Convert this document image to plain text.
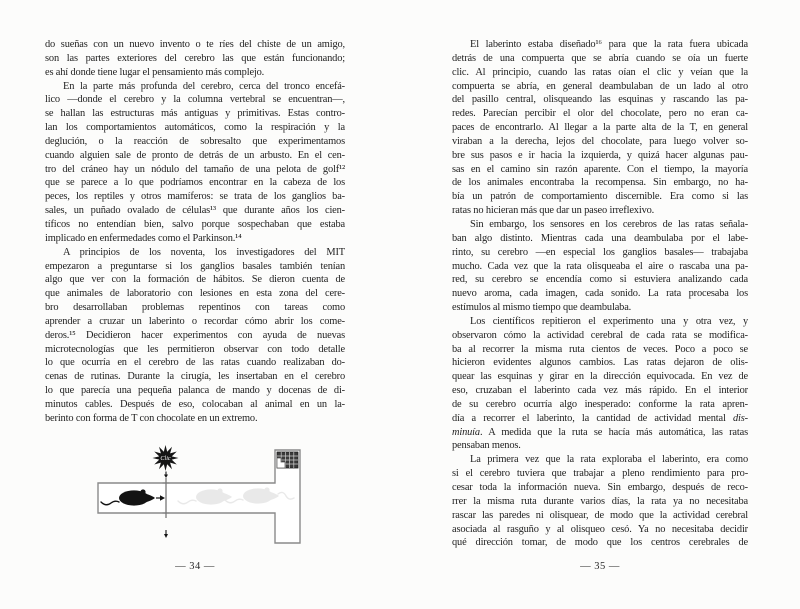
do sueñas con un nuevo invento o te ríes del chiste de un amigo,
son las partes exteriores del cerebro las que están funcionando;
es ahí donde tiene lugar el pensamiento más complejo.
En la parte más profunda del cerebro, cerca del tronco encefá-
lico —donde el cerebro y la columna vertebral se encuentran—,
se hallan las estructuras más antiguas y primitivas. Estas contro-
lan los comportamientos automáticos, como la respiración y la
deglución, o la reacción de sobresalto que experimentamos
cuando alguien sale de pronto de detrás de un arbusto. En el cen-
tro del cráneo hay un nódulo del tamaño de una pelota de golf¹²
que se parece a lo que podríamos encontrar en la cabeza de los
peces, los reptiles y otros mamíferos: se trata de los ganglios ba-
sales, un puñado ovalado de células¹³ que durante años los cien-
tíficos no entendían bien, salvo porque sospechaban que estaba
implicado en enfermedades como el Parkinson.¹⁴
A principios de los noventa, los investigadores del MIT
empezaron a preguntarse si los ganglios basales también tenían
algo que ver con la formación de hábitos. Se dieron cuenta de
que animales de laboratorio con lesiones en esta zona del cere-
bro desarrollaban problemas repentinos con tareas como
aprender a cruzar un laberinto o recordar cómo abrir los come-
deros.¹⁵ Decidieron hacer experimentos con ayuda de nuevas
microtecnologías que les permitieron observar con todo detalle
lo que ocurría en el cerebro de las ratas cuando realizaban do-
cenas de rutinas. Durante la cirugía, les insertaban en el cerebro
lo que parecía una pequeña palanca de mando y docenas de di-
minutos cables. Después de eso, colocaban al animal en un la-
berinto con forma de T con chocolate en un extremo.
— 34 —
Clic
El laberinto estaba diseñado¹⁶ para que la rata fuera ubicada
detrás de una compuerta que se abría cuando se oía un fuerte
clic. Al principio, cuando las ratas oían el clic y veían que la
compuerta se abría, en general deambulaban de un lado al otro
del pasillo central, olisqueando las esquinas y rascando las pa-
redes. Parecían percibir el olor del chocolate, pero no eran ca-
paces de encontrarlo. Al llegar a la parte alta de la T, en general
viraban a la derecha, lejos del chocolate, para luego volver so-
bre sus pasos e ir hacia la izquierda, y quizá hacer algunas pau-
sas en el camino sin razón aparente. Con el tiempo, la mayoría
de los animales encontraba la recompensa. Sin embargo, no ha-
bía un patrón de comportamiento discernible. Era como si las
ratas no hicieran más que dar un paseo irreflexivo.
Sin embargo, los sensores en los cerebros de las ratas señala-
ban algo distinto. Mientras cada una deambulaba por el labe-
rinto, su cerebro —en especial los ganglios basales— trabajaba
mucho. Cada vez que la rata olisqueaba el aire o rascaba una pa-
red, su cerebro se encendía como si estuviera analizando cada
nuevo aroma, cada imagen, cada sonido. La rata procesaba los
estímulos al mismo tiempo que deambulaba.
Los científicos repitieron el experimento una y otra vez, y
observaron cómo la actividad cerebral de cada rata se modifica-
ba al recorrer la misma ruta cientos de veces. Poco a poco se
hicieron evidentes algunos cambios. Las ratas dejaron de olis-
quear las esquinas y girar en la dirección equivocada. En vez de
eso, cruzaban el laberinto cada vez más rápido. En el interior
de su cerebro ocurría algo inesperado: conforme la rata apren-
día a recorrer el laberinto, la cantidad de actividad mental dis-
minuía. A medida que la ruta se hacía más automática, las ratas
pensaban menos.
La primera vez que la rata exploraba el laberinto, era como
si el cerebro tuviera que trabajar a pleno rendimiento para pro-
cesar toda la información nueva. Sin embargo, después de reco-
rrer la misma ruta durante varios días, la rata ya no necesitaba
rascar las paredes ni olisquear, de modo que la actividad cerebral
asociada al rasguño y al olisqueo cesó. Ya no necesitaba decidir
qué dirección tomar, de modo que los centros cerebrales de
— 35 —
